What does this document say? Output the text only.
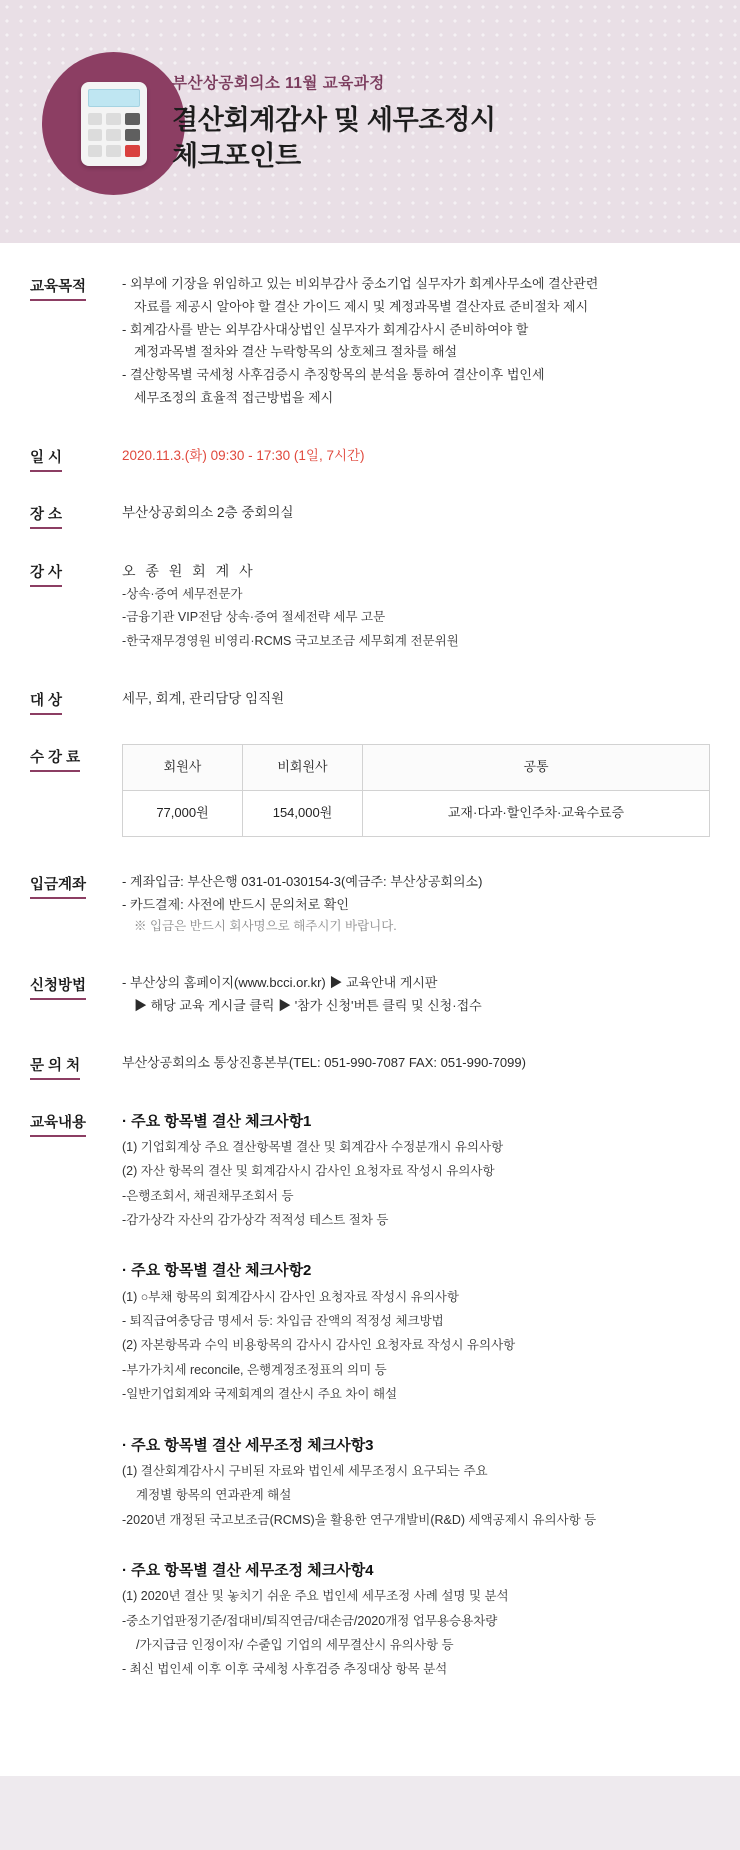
부산상공회의소 11월 교육과정
결산회계감사 및 세무조정시
체크포인트
교육목적	- 외부에 기장을 위임하고 있는 비외부감사 중소기업 실무자가 회계사무소에 결산관련

자료를 제공시 알아야 할 결산 가이드 제시 및 계정과목별 결산자료 준비절차 제시

- 회계감사를 받는 외부감사대상법인 실무자가 회계감사시 준비하여야 할

계정과목별 절차와 결산 누락항목의 상호체크 절차를 해설

- 결산항목별 국세청 사후검증시 추징항목의 분석을 통하여 결산이후 법인세

세무조정의 효율적 접근방법을 제시

일 시	2020.11.3.(화) 09:30 - 17:30 (1일, 7시간)

장 소	부산상공회의소 2층 중회의실

강 사	오 종 원 회 계 사

-상속·증여 세무전문가

-금융기관 VIP전담 상속·증여 절세전략 세무 고문

-한국재무경영원 비영리·RCMS 국고보조금 세무회계 전문위원

대 상	세무, 회계, 관리담당 임직원

수 강 료
회원사	비회원사	공통
77,000원	154,000원	교재·다과·할인주차·교육수료증
입금계좌	- 계좌입금: 부산은행 031-01-030154-3(예금주: 부산상공회의소)

- 카드결제: 사전에 반드시 문의처로 확인

※ 입금은 반드시 회사명으로 해주시기 바랍니다.

신청방법	- 부산상의 홈페이지(www.bcci.or.kr) ▶ 교육안내 게시판

▶ 해당 교육 게시글 클릭 ▶ '참가 신청'버튼 클릭 및 신청·접수

문 의 처	부산상공회의소 통상진흥본부(TEL: 051-990-7087 FAX: 051-990-7099)

교육내용	· 주요 항목별 결산 체크사항1

(1) 기업회계상 주요 결산항목별 결산 및 회계감사 수정분개시 유의사항

(2) 자산 항목의 결산 및 회계감사시 감사인 요청자료 작성시 유의사항

-은행조회서, 채권채무조회서 등

-감가상각 자산의 감가상각 적적성 테스트 절차 등

· 주요 항목별 결산 체크사항2

(1) ○부채 항목의 회계감사시 감사인 요청자료 작성시 유의사항

- 퇴직급여충당금 명세서 등: 차입금 잔액의 적정성 체크방법

(2) 자본항목과 수익 비용항목의 감사시 감사인 요청자료 작성시 유의사항

-부가가치세 reconcile, 은행계정조정표의 의미 등

-일반기업회계와 국제회계의 결산시 주요 차이 해설

· 주요 항목별 결산 세무조정 체크사항3

(1) 결산회계감사시 구비된 자료와 법인세 세무조정시 요구되는 주요

계정별 항목의 연과관계 해설

-2020년 개정된 국고보조금(RCMS)을 활용한 연구개발비(R&D) 세액공제시 유의사항 등

· 주요 항목별 결산 세무조정 체크사항4

(1) 2020년 결산 및 놓치기 쉬운 주요 법인세 세무조정 사례 설명 및 분석

-중소기업판정기준/접대비/퇴직연금/대손금/2020개정 업무용승용차량

/가지급금 인정이자/ 수줄입 기업의 세무결산시 유의사항 등

- 최신 법인세 이후 이후 국세청 사후검증 추징대상 항목 분석
